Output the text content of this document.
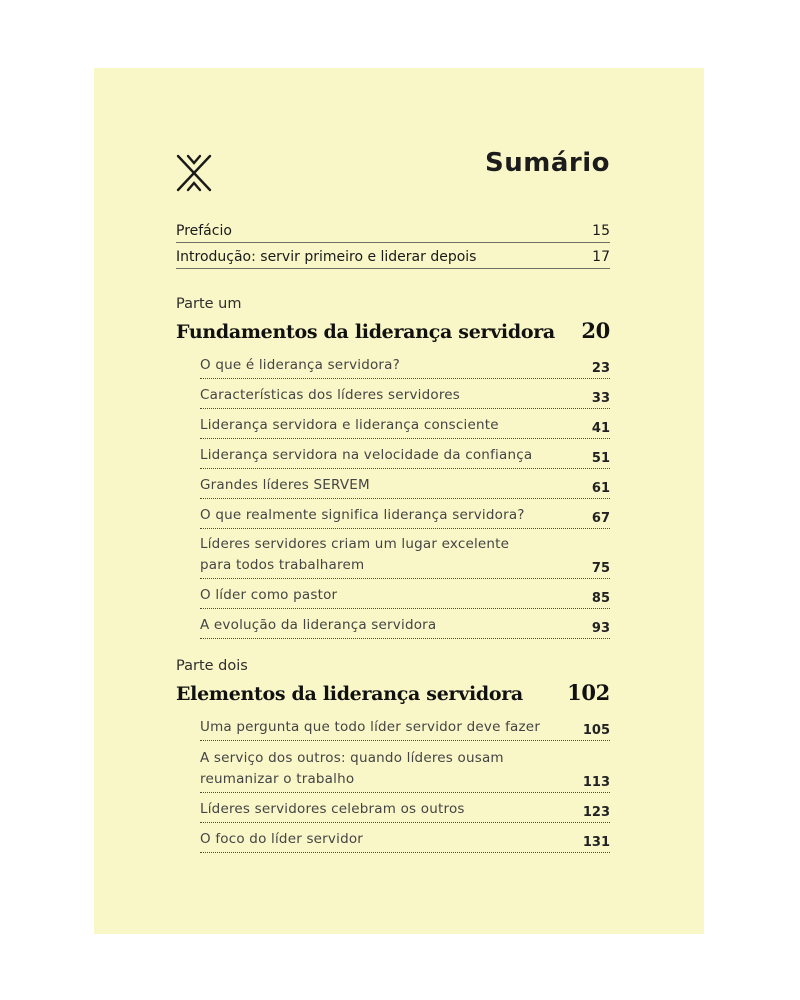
Sumário
Prefácio	15
Introdução: servir primeiro e liderar depois	17
Parte um
Fundamentos da liderança servidora 20
O que é liderança servidora?	23
Características dos líderes servidores	33
Liderança servidora e liderança consciente	41
Liderança servidora na velocidade da confiança	51
Grandes líderes SERVEM	61
O que realmente significa liderança servidora?	67
Líderes servidores criam um lugar excelente
para todos trabalharem	75
O líder como pastor	85
A evolução da liderança servidora	93
Parte dois
Elementos da liderança servidora 102
Uma pergunta que todo líder servidor deve fazer	105
A serviço dos outros: quando líderes ousam
reumanizar o trabalho	113
Líderes servidores celebram os outros	123
O foco do líder servidor	131
